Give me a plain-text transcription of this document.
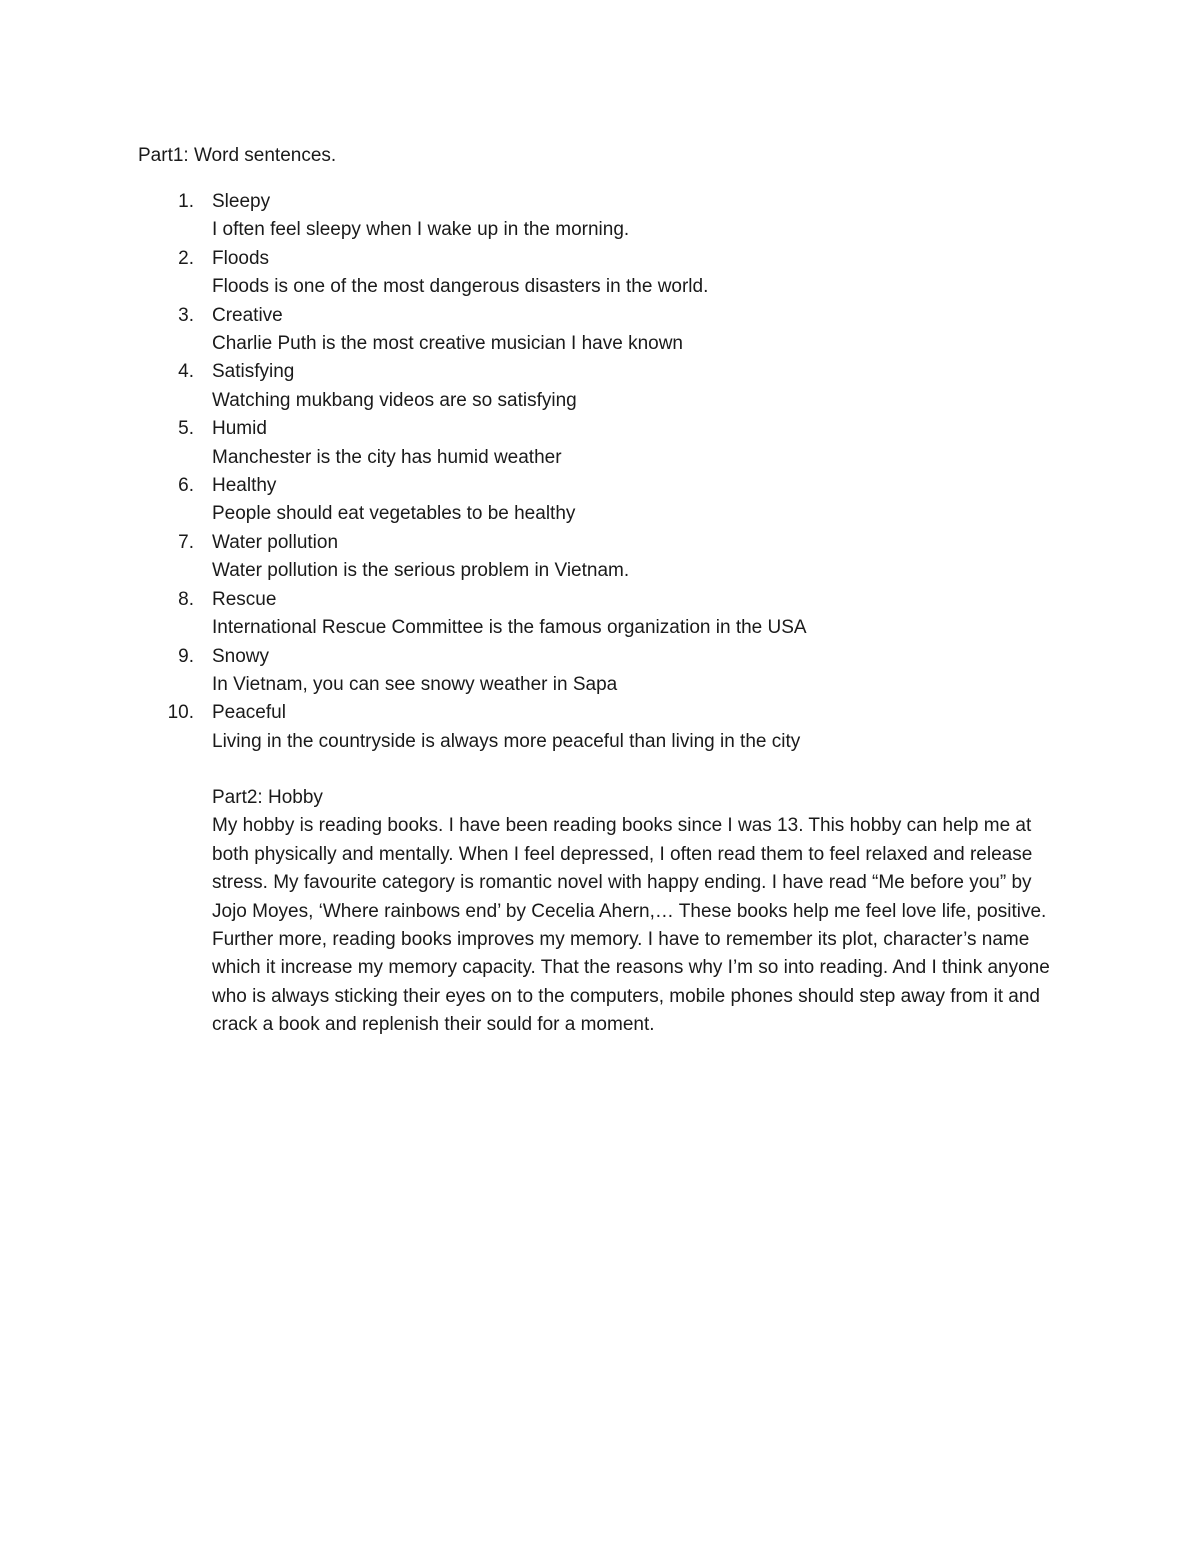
Part1: Word sentences.
1. Sleepy
I often feel sleepy when I wake up in the morning.
2. Floods
Floods is one of the most dangerous disasters in the world.
3. Creative
Charlie Puth is the most creative musician I have known
4. Satisfying
Watching mukbang videos are so satisfying
5. Humid
Manchester is the city has humid weather
6. Healthy
People should eat vegetables to be healthy
7. Water pollution
Water pollution is the serious problem in Vietnam.
8. Rescue
International Rescue Committee is the famous organization in the USA
9. Snowy
In Vietnam, you can see snowy weather in Sapa
10. Peaceful
Living in the countryside is always more peaceful than living in the city
Part2: Hobby

My hobby is reading books. I have been reading books since I was 13. This hobby can help me at both physically and mentally. When I feel depressed, I often read them to feel relaxed and release stress. My favourite category is romantic novel with happy ending. I have read “Me before you” by Jojo Moyes, ‘Where rainbows end’ by Cecelia Ahern,… These books help me feel love life, positive. Further more, reading books improves my memory. I have to remember its plot, character’s name which it increase my memory capacity. That the reasons why I’m so into reading. And I think anyone who is always sticking their eyes on to the computers, mobile phones should step away from it and crack a book and replenish their sould for a moment.
